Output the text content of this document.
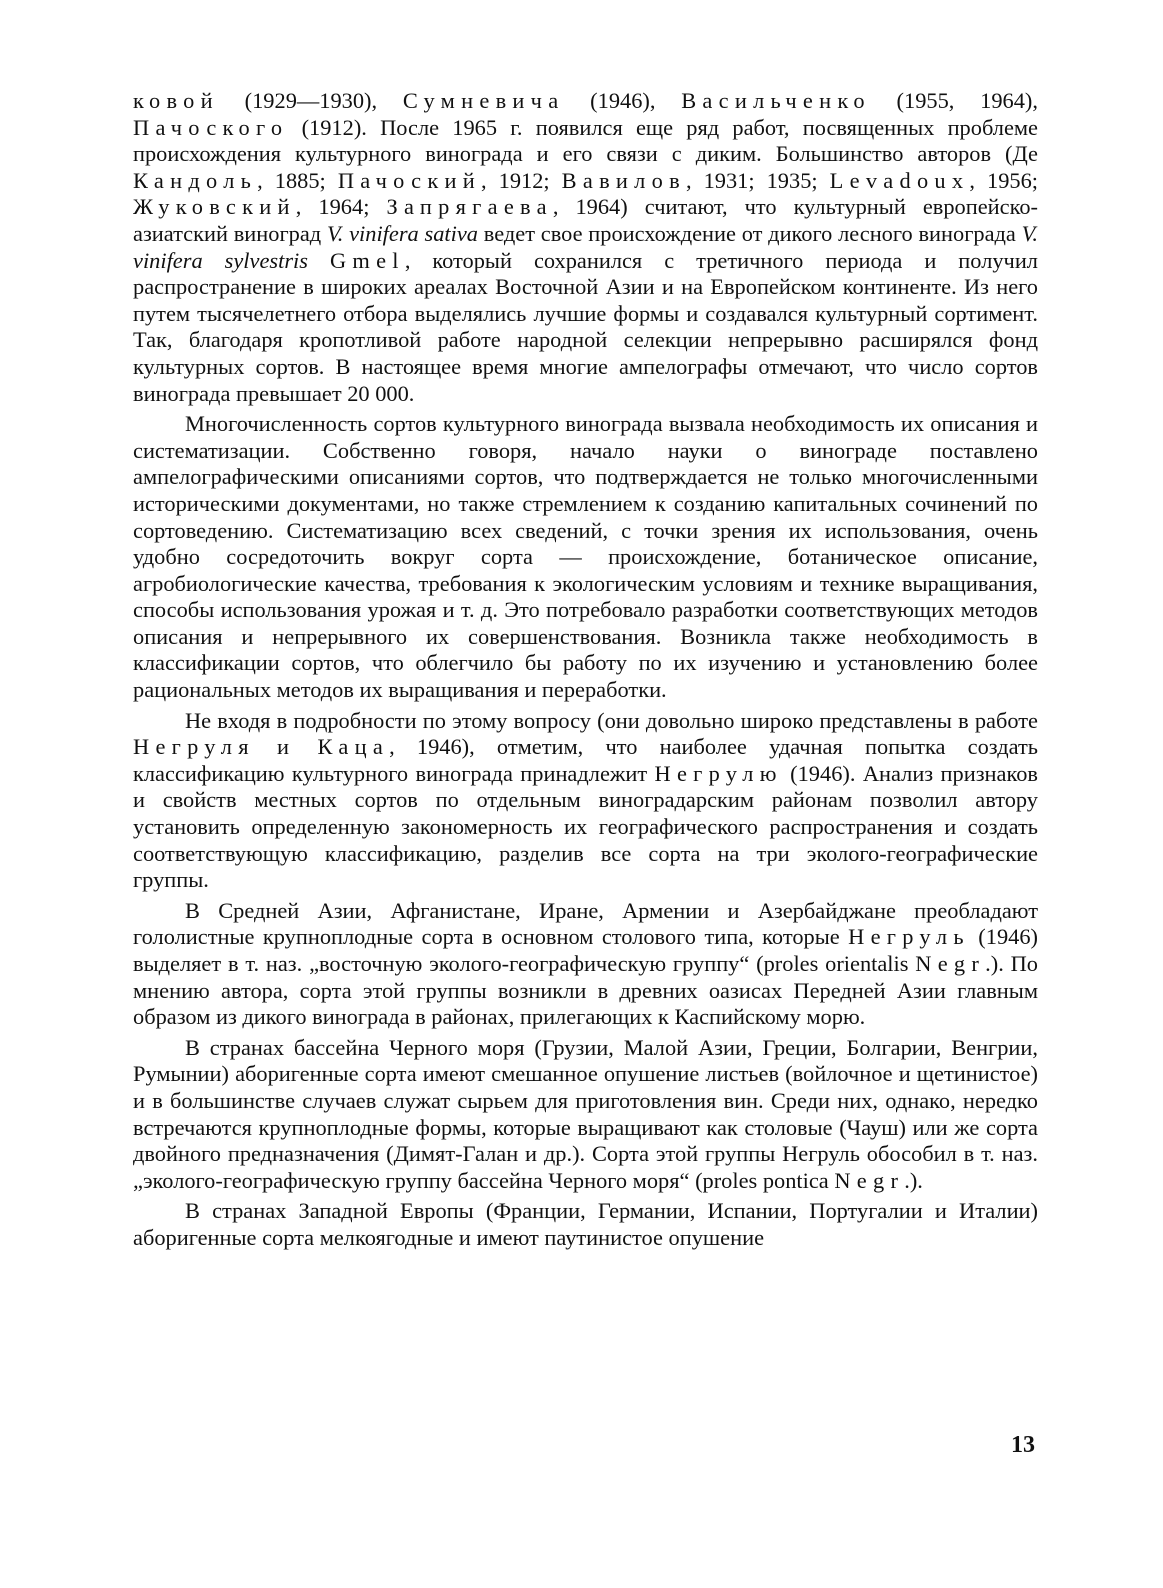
ковой (1929—1930), Сумневича (1946), Васильченко (1955, 1964), Пачоского (1912). После 1965 г. появился еще ряд работ, посвященных проблеме происхождения культурного винограда и его связи с диким. Большинство авторов (Де Кандоль, 1885; Пачоский, 1912; Вавилов, 1931; 1935; Levadoux, 1956; Жуковский, 1964; Запрягаева, 1964) считают, что культурный европейско-азиатский виноград V. vinifera sativa ведет свое происхождение от дикого лесного винограда V. vinifera sylvestris Gmel, который сохранился с третичного периода и получил распространение в широких ареалах Восточной Азии и на Европейском континенте. Из него путем тысячелетнего отбора выделялись лучшие формы и создавался культурный сортимент. Так, благодаря кропотливой работе народной селекции непрерывно расширялся фонд культурных сортов. В настоящее время многие ампелографы отмечают, что число сортов винограда превышает 20 000.

Многочисленность сортов культурного винограда вызвала необходимость их описания и систематизации. Собственно говоря, начало науки о винограде поставлено ампелографическими описаниями сортов, что подтверждается не только многочисленными историческими документами, но также стремлением к созданию капитальных сочинений по сортоведению. Систематизацию всех сведений, с точки зрения их использования, очень удобно сосредоточить вокруг сорта — происхождение, ботаническое описание, агробиологические качества, требования к экологическим условиям и технике выращивания, способы использования урожая и т. д. Это потребовало разработки соответствующих методов описания и непрерывного их совершенствования. Возникла также необходимость в классификации сортов, что облегчило бы работу по их изучению и установлению более рациональных методов их выращивания и переработки.

Не входя в подробности по этому вопросу (они довольно широко представлены в работе Негруля и Каца, 1946), отметим, что наиболее удачная попытка создать классификацию культурного винограда принадлежит Негрулю (1946). Анализ признаков и свойств местных сортов по отдельным виноградарским районам позволил автору установить определенную закономерность их географического распространения и создать соответствующую классификацию, разделив все сорта на три эколого-географические группы.

В Средней Азии, Афганистане, Иране, Армении и Азербайджане преобладают гололистные крупноплодные сорта в основном столового типа, которые Негруль (1946) выделяет в т. наз. „восточную эколого-географическую группу“ (proles orientalis Negr.). По мнению автора, сорта этой группы возникли в древних оазисах Передней Азии главным образом из дикого винограда в районах, прилегающих к Каспийскому морю.

В странах бассейна Черного моря (Грузии, Малой Азии, Греции, Болгарии, Венгрии, Румынии) аборигенные сорта имеют смешанное опушение листьев (войлочное и щетинистое) и в большинстве случаев служат сырьем для приготовления вин. Среди них, однако, нередко встречаются крупноплодные формы, которые выращивают как столовые (Чауш) или же сорта двойного предназначения (Димят-Галан и др.). Сорта этой группы Негруль обособил в т. наз. „эколого-географическую группу бассейна Черного моря“ (proles pontica Negr.).

В странах Западной Европы (Франции, Германии, Испании, Португалии и Италии) аборигенные сорта мелкоягодные и имеют паутинистое опушение

13
